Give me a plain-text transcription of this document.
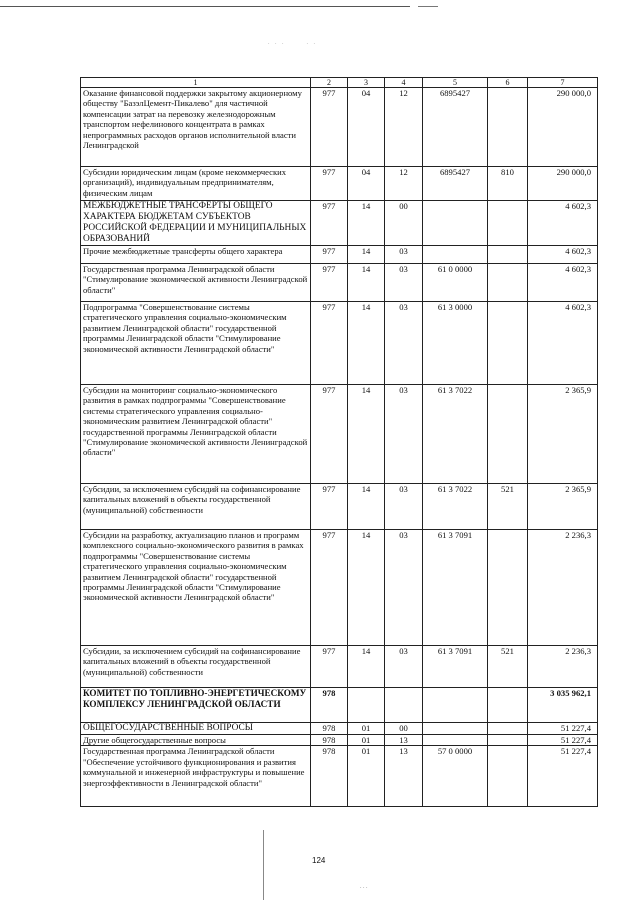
. . .      . .
1	2	3	4	5	6	7
Оказание финансовой поддержки закрытому акционерному обществу "БазэлЦемент-Пикалево" для частичной компенсации затрат на перевозку железнодорожным транспортом нефелинового концентрата в рамках непрограммных расходов органов исполнительной власти Ленинградской	977	04	12	6895427		290 000,0
Субсидии юридическим лицам (кроме некоммерческих организаций), индивидуальным предпринимателям, физическим лицам	977	04	12	6895427	810	290 000,0
МЕЖБЮДЖЕТНЫЕ ТРАНСФЕРТЫ ОБЩЕГО ХАРАКТЕРА БЮДЖЕТАМ СУБЪЕКТОВ РОССИЙСКОЙ ФЕДЕРАЦИИ И МУНИЦИПАЛЬНЫХ ОБРАЗОВАНИЙ	977	14	00			4 602,3
Прочие межбюджетные трансферты общего характера	977	14	03			4 602,3
Государственная программа Ленинградской области "Стимулирование экономической активности Ленинградской области"	977	14	03	61 0 0000		4 602,3
Подпрограмма "Совершенствование системы стратегического управления социально-экономическим развитием Ленинградской области" государственной программы Ленинградской области "Стимулирование экономической активности Ленинградской области"	977	14	03	61 3 0000		4 602,3
Субсидии на мониторинг социально-экономического развития в рамках подпрограммы "Совершенствование системы стратегического управления социально-экономическим развитием Ленинградской области" государственной программы Ленинградской области "Стимулирование экономической активности Ленинградской области"	977	14	03	61 3 7022		2 365,9
Субсидии, за исключением субсидий на софинансирование капитальных вложений в объекты государственной (муниципальной) собственности	977	14	03	61 3 7022	521	2 365,9
Субсидии на разработку, актуализацию планов и программ комплексного социально-экономического развития в рамках подпрограммы "Совершенствование системы стратегического управления социально-экономическим развитием Ленинградской области" государственной программы Ленинградской области "Стимулирование экономической активности Ленинградской области"	977	14	03	61 3 7091		2 236,3
Субсидии, за исключением субсидий на софинансирование капитальных вложений в объекты государственной (муниципальной) собственности	977	14	03	61 3 7091	521	2 236,3
КОМИТЕТ ПО ТОПЛИВНО-ЭНЕРГЕТИЧЕСКОМУ КОМПЛЕКСУ ЛЕНИНГРАДСКОЙ ОБЛАСТИ	978					3 035 962,1
ОБЩЕГОСУДАРСТВЕННЫЕ ВОПРОСЫ	978	01	00			51 227,4
Другие общегосударственные вопросы	978	01	13			51 227,4
Государственная программа Ленинградской области "Обеспечение устойчивого функционирования и развития коммунальной и инженерной инфраструктуры и повышение энергоэффективности в Ленинградской области"	978	01	13	57 0 0000		51 227,4
124
. . .
